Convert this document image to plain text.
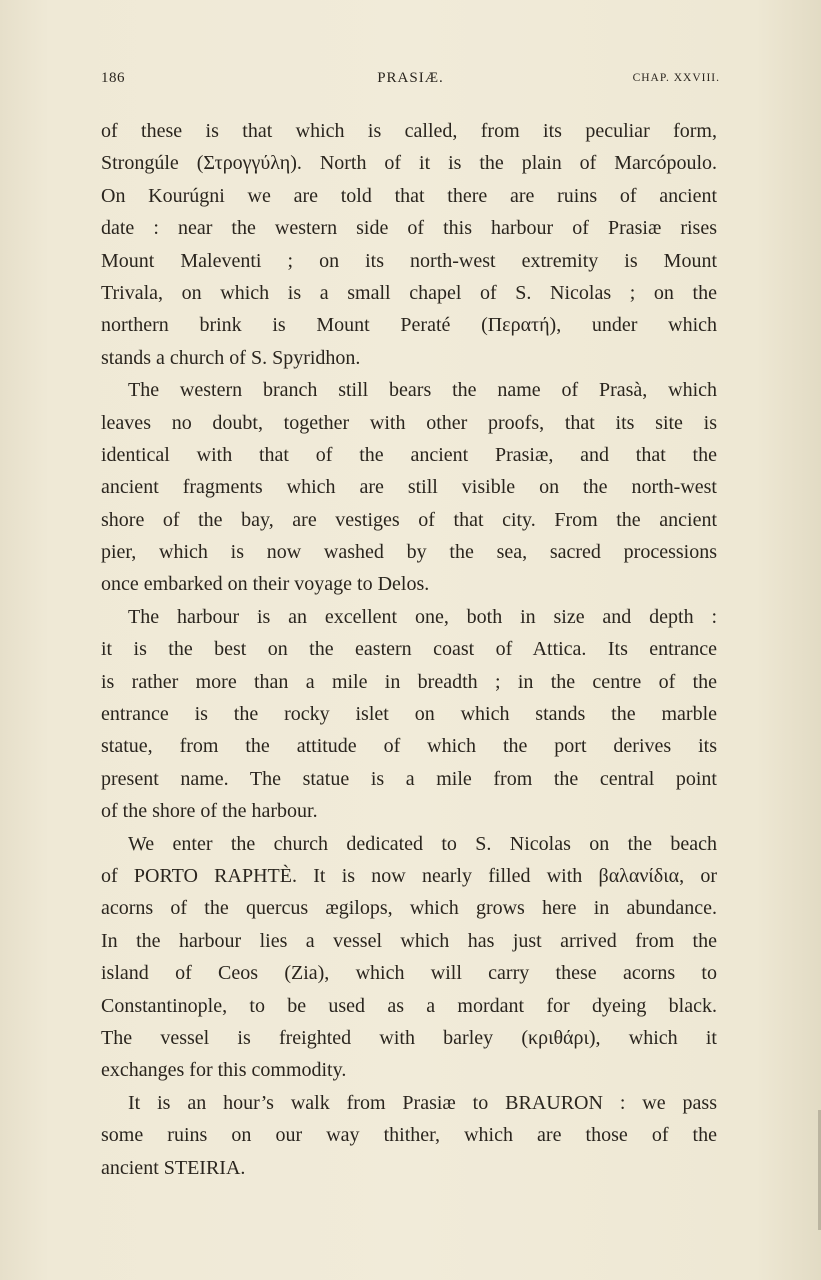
186	PRASIÆ.	CHAP. XXVIII.
of these is that which is called, from its peculiar form,
Strongúle (Στρογγύλη). North of it is the plain of Marcópoulo.
On Kourúgni we are told that there are ruins of ancient
date : near the western side of this harbour of Prasiæ rises
Mount Maleventi ; on its north-west extremity is Mount
Trivala, on which is a small chapel of S. Nicolas ; on the
northern brink is Mount Peraté (Περατή), under which
stands a church of S. Spyridhon.
The western branch still bears the name of Prasà, which
leaves no doubt, together with other proofs, that its site is
identical with that of the ancient Prasiæ, and that the
ancient fragments which are still visible on the north-west
shore of the bay, are vestiges of that city. From the ancient
pier, which is now washed by the sea, sacred processions
once embarked on their voyage to Delos.
The harbour is an excellent one, both in size and depth :
it is the best on the eastern coast of Attica. Its entrance
is rather more than a mile in breadth ; in the centre of the
entrance is the rocky islet on which stands the marble
statue, from the attitude of which the port derives its
present name. The statue is a mile from the central point
of the shore of the harbour.
We enter the church dedicated to S. Nicolas on the beach
of PORTO RAPHTÈ. It is now nearly filled with βαλανίδια, or
acorns of the quercus ægilops, which grows here in abundance.
In the harbour lies a vessel which has just arrived from the
island of Ceos (Zia), which will carry these acorns to
Constantinople, to be used as a mordant for dyeing black.
The vessel is freighted with barley (κριθάρι), which it
exchanges for this commodity.
It is an hour’s walk from Prasiæ to BRAURON : we pass
some ruins on our way thither, which are those of the
ancient STEIRIA.
